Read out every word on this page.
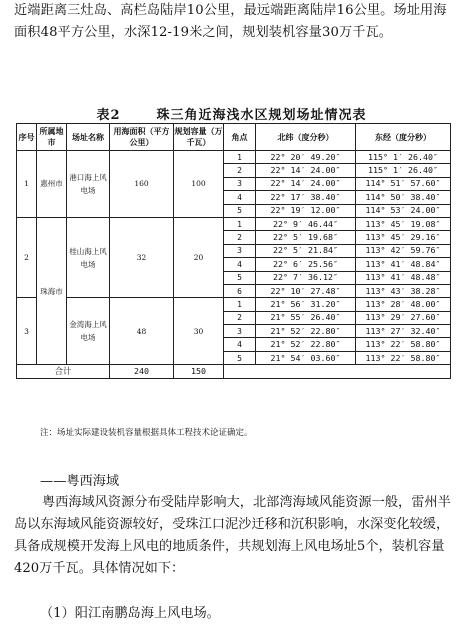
近端距离三灶岛、高栏岛陆岸10公里，最远端距离陆岸16公里。场址用海面积48平方公里，水深12-19米之间，规划装机容量30万千瓦。
表2	珠三角近海浅水区规划场址情况表
序号	所属地市	场址名称	用海面积（平方公里）	规划容量（万千瓦）	角点	北纬（度分秒）	东经（度分秒）
1	惠州市	港口海上风电场	160	100	1	22° 20′ 49.20″	115° 1′ 26.40″
					2	22° 14′ 24.00″	115° 1′ 26.40″
					3	22° 14′ 24.00″	114° 51′ 57.60″
					4	22° 17′ 38.40″	114° 50′ 38.40″
					5	22° 19′ 12.00″	114° 53′ 24.00″
2	珠海市	桂山海上风电场	32	20	1	22° 9′ 46.44″	113° 45′ 19.08″
					2	22° 5′ 19.68″	113° 45′ 29.16″
					3	22° 5′ 21.84″	113° 42′ 59.76″
					4	22° 6′ 25.56″	113° 41′ 48.84″
					5	22° 7′ 36.12″	113° 41′ 48.48″
					6	22° 10′ 27.48″	113° 43′ 38.28″
3		金湾海上风电场	48	30	1	21° 56′ 31.20″	113° 28′ 48.00″
					2	21° 55′ 26.40″	113° 29′ 27.60″
					3	21° 52′ 22.80″	113° 27′ 32.40″
					4	21° 52′ 22.80″	113° 22′ 58.80″
					5	21° 54′ 03.60″	113° 22′ 58.80″
合计			240	150			
注：场址实际建设装机容量根据具体工程技术论证确定。
——粤西海域
粤西海域风资源分布受陆岸影响大，北部湾海域风能资源一般，雷州半岛以东海域风能资源较好，受珠江口泥沙迁移和沉积影响，水深变化较缓，具备成规模开发海上风电的地质条件，共规划海上风电场址5个，装机容量420万千瓦。具体情况如下：
（1）阳江南鹏岛海上风电场。
